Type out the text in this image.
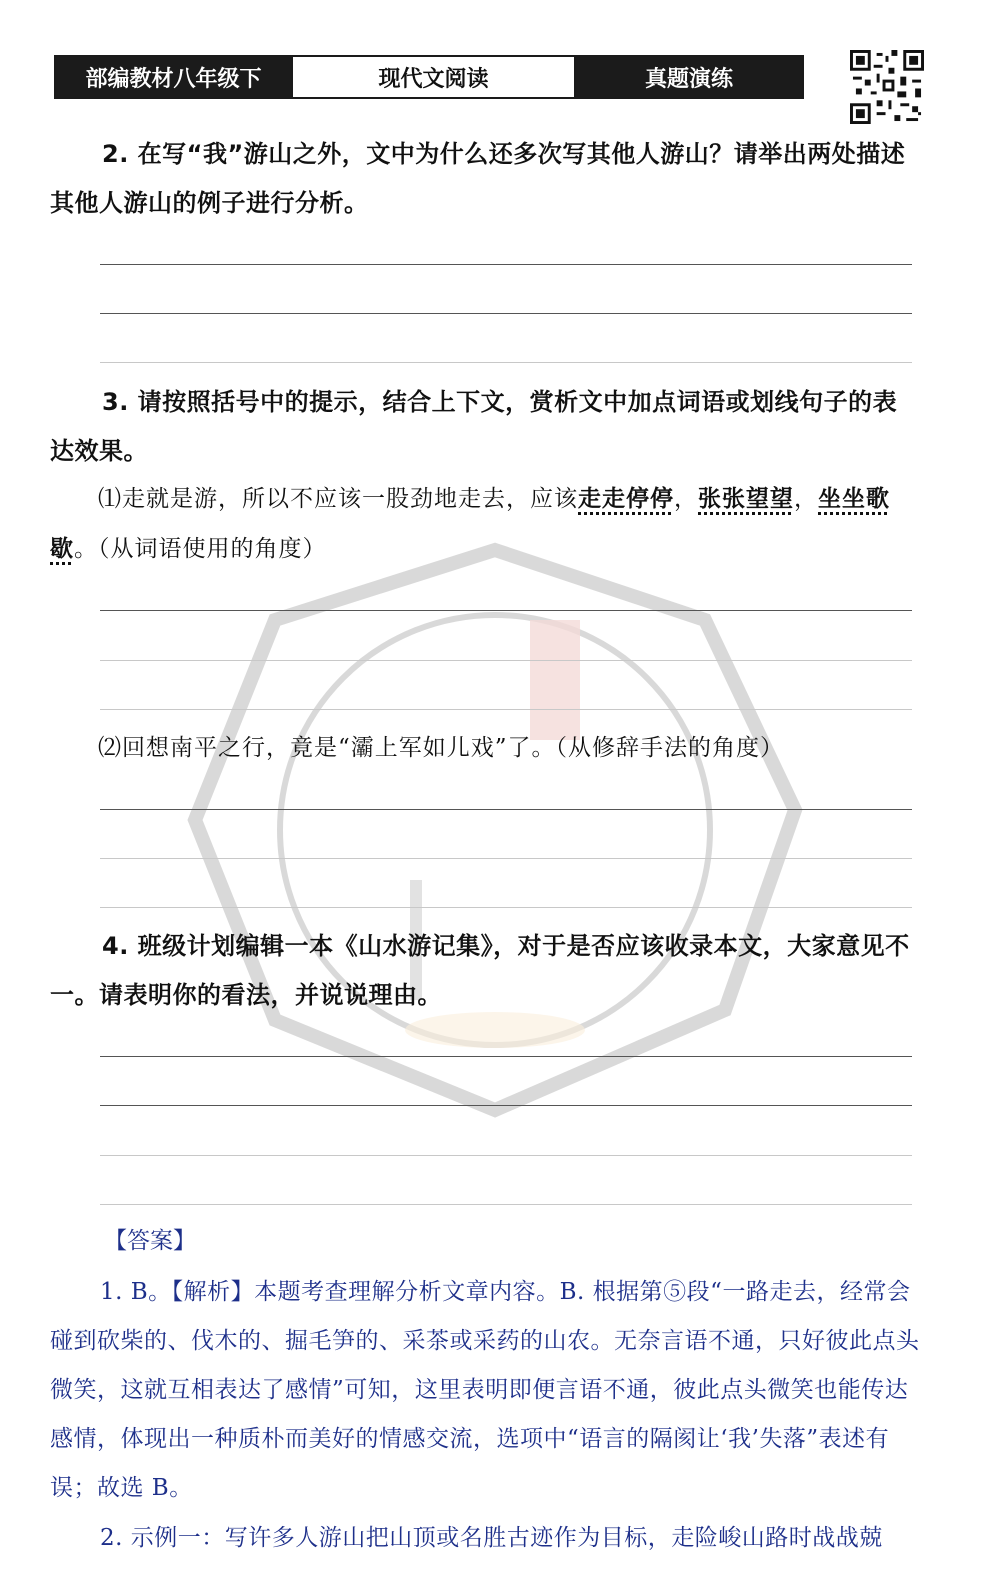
部编教材八年级下	现代文阅读	真题演练
2. 在写“我”游山之外，文中为什么还多次写其他人游山？请举出两处描述其他人游山的例子进行分析。
3. 请按照括号中的提示，结合上下文，赏析文中加点词语或划线句子的表达效果。
⑴走就是游，所以不应该一股劲地走去，应该走走停停，张张望望，坐坐歌歇。（从词语使用的角度）
⑵回想南平之行，竟是“灞上军如儿戏”了。（从修辞手法的角度）
4. 班级计划编辑一本《山水游记集》，对于是否应该收录本文，大家意见不一。请表明你的看法，并说说理由。
【答案】
1. B。【解析】本题考查理解分析文章内容。B. 根据第⑤段“一路走去，经常会碰到砍柴的、伐木的、掘毛笋的、采茶或采药的山农。无奈言语不通，只好彼此点头微笑，这就互相表达了感情”可知，这里表明即便言语不通，彼此点头微笑也能传达感情，体现出一种质朴而美好的情感交流，选项中“语言的隔阂让‘我’失落”表述有误；故选 B。
2. 示例一：写许多人游山把山顶或名胜古迹作为目标，走险峻山路时战战兢
